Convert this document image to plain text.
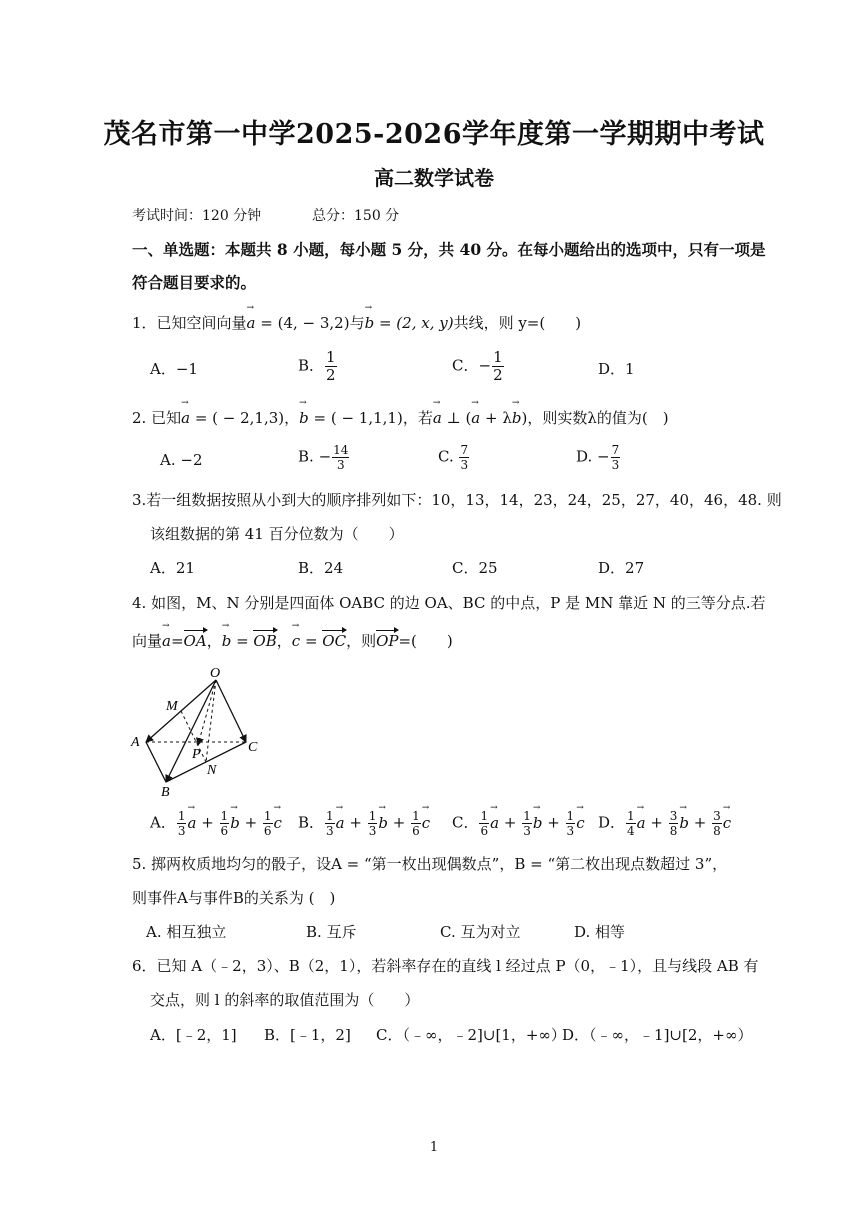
茂名市第一中学2025-2026学年度第一学期期中考试
高二数学试卷
考试时间：120 分钟	总分：150 分
一、单选题：本题共 8 小题，每小题 5 分，共 40 分。在每小题给出的选项中，只有一项是
符合题目要求的。
1．已知空间向量→ a = (4, − 3,2)与→ b = (2, x, y)共线，则 y=(　　)
A．−1	B． $\frac{1}{2}$	C．− $\frac{1}{2}$	D．1
2. 已知→ a = ( − 2,1,3)，→ b = ( − 1,1,1)，若→ a ⊥ (→ a + λ→ b)，则实数λ的值为(　)
A. −2	B. − $\frac{14}{3}$	C. $\frac{7}{3}$	D. − $\frac{7}{3}$
3.若一组数据按照从小到大的顺序排列如下：10，13，14，23，24，25，27，40，46，48. 则
该组数据的第 41 百分位数为（　　）
A．21	B．24	C．25	D．27
4. 如图，M、N 分别是四面体 OABC 的边 OA、BC 的中点，P 是 MN 靠近 N 的三等分点.若
向量→ a=OA，→ b = OB，→ c = OC，则OP=(　　)
O
M
A
P	C
N
B
A． $\frac{1}{3}$
→ $a + \frac{1}{6}$
→ $b + \frac{1}{6}$
→ c B． $\frac{1}{3}$
→ $a + \frac{1}{3}$
→ $b + \frac{1}{6}$
→ c C． $\frac{1}{6}$
→ $a + \frac{1}{3}$
→ $b + \frac{1}{3}$
→ c D． $\frac{1}{4}$
→ $a + \frac{3}{8}$
→ $b + \frac{3}{8}$
→ c
5. 掷两枚质地均匀的骰子，设A = “第一枚出现偶数点”，B = “第二枚出现点数超过 3”，
则事件A与事件B的关系为 (　)
A. 相互独立	B. 互斥	C. 互为对立	D. 相等
6．已知 A（﹣2，3）、B（2，1），若斜率存在的直线 l 经过点 P（0，﹣1），且与线段 AB 有
交点，则 l 的斜率的取值范围为（　　）
A．[﹣2，1] B．[﹣1，2] C．（﹣∞，﹣2]∪[1，+∞）
D．（﹣∞，﹣1]∪[2，+∞）
1
